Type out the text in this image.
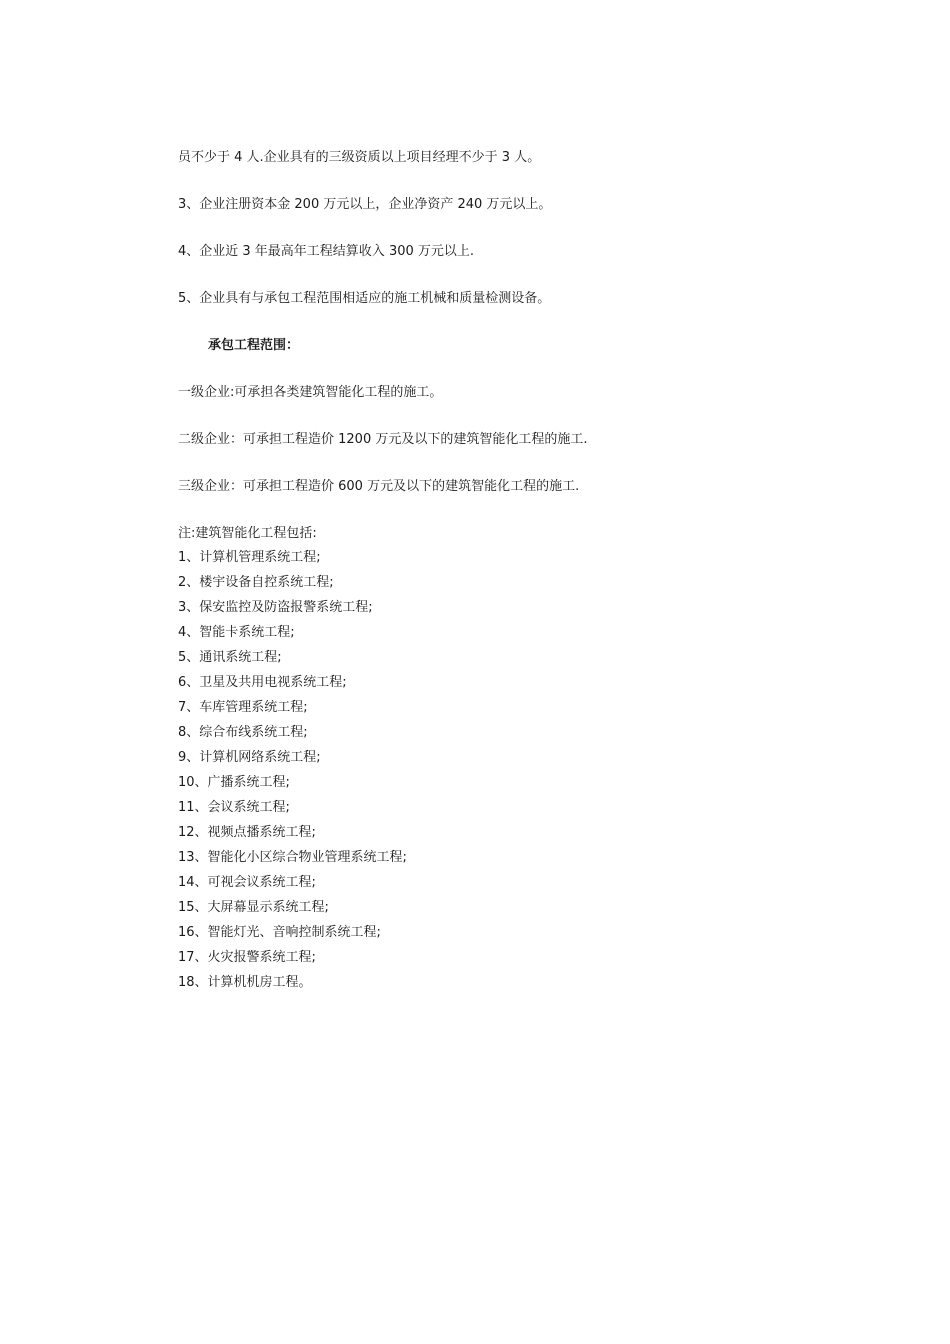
员不少于 4 人.企业具有的三级资质以上项目经理不少于 3 人。
3、企业注册资本金 200 万元以上，企业净资产 240 万元以上。
4、企业近 3 年最高年工程结算收入 300 万元以上.
5、企业具有与承包工程范围相适应的施工机械和质量检测设备。
承包工程范围：
一级企业:可承担各类建筑智能化工程的施工。
二级企业：可承担工程造价 1200 万元及以下的建筑智能化工程的施工.
三级企业：可承担工程造价 600 万元及以下的建筑智能化工程的施工.
注:建筑智能化工程包括:
1、计算机管理系统工程;
2、楼宇设备自控系统工程;
3、保安监控及防盗报警系统工程;
4、智能卡系统工程;
5、通讯系统工程;
6、卫星及共用电视系统工程;
7、车库管理系统工程;
8、综合布线系统工程;
9、计算机网络系统工程;
10、广播系统工程;
11、会议系统工程;
12、视频点播系统工程;
13、智能化小区综合物业管理系统工程;
14、可视会议系统工程;
15、大屏幕显示系统工程;
16、智能灯光、音响控制系统工程;
17、火灾报警系统工程;
18、计算机机房工程。
